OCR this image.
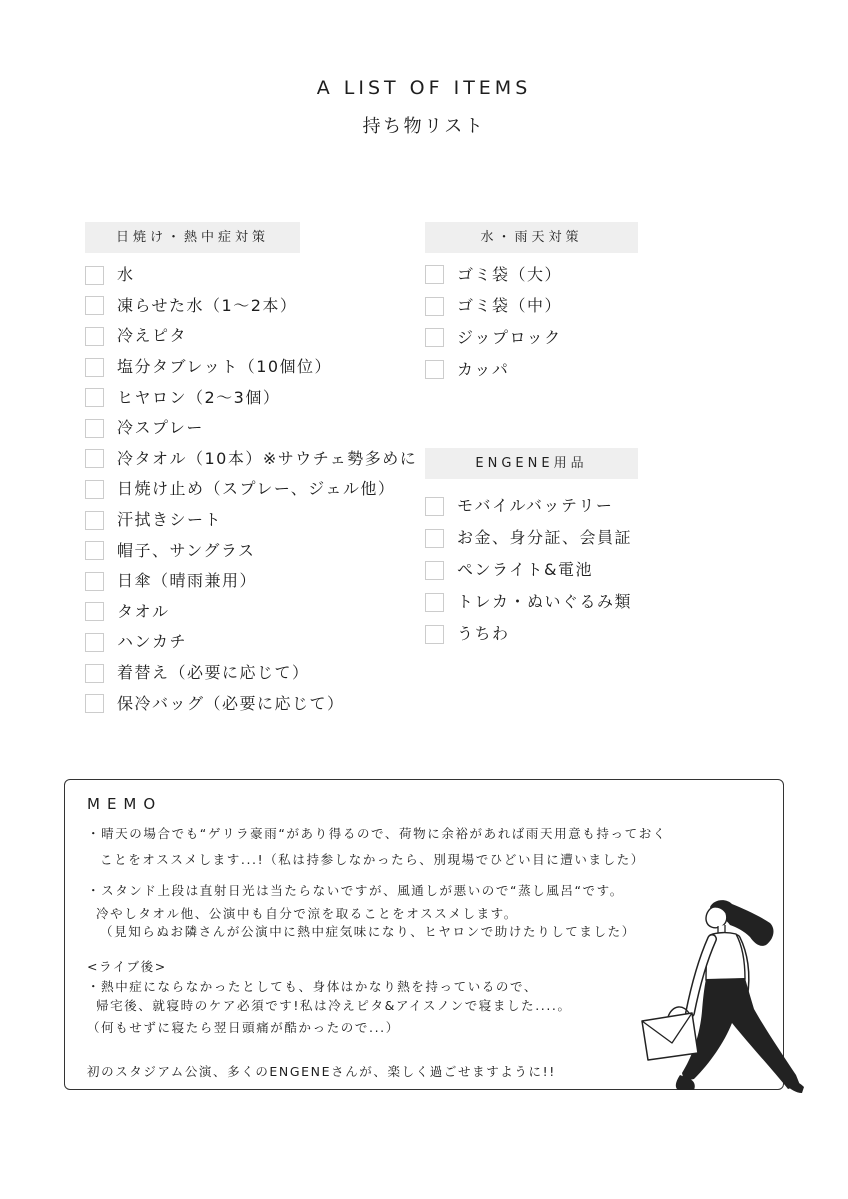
A LIST OF ITEMS
持ち物リスト
日焼け・熱中症対策
水
凍らせた水（1〜2本）
冷えピタ
塩分タブレット（10個位）
ヒヤロン（2〜3個）
冷スプレー
冷タオル（10本）※サウチェ勢多めに
日焼け止め（スプレー、ジェル他）
汗拭きシート
帽子、サングラス
日傘（晴雨兼用）
タオル
ハンカチ
着替え（必要に応じて）
保冷バッグ（必要に応じて）
水・雨天対策
ゴミ袋（大）
ゴミ袋（中）
ジップロック
カッパ
ENGENE用品
モバイルバッテリー
お金、身分証、会員証
ペンライト&電池
トレカ・ぬいぐるみ類
うちわ
MEMO
・晴天の場合でも“ゲリラ豪雨“があり得るので、荷物に余裕があれば雨天用意も持っておく
ことをオススメします...!（私は持参しなかったら、別現場でひどい目に遭いました）
・スタンド上段は直射日光は当たらないですが、風通しが悪いので“蒸し風呂“です。
冷やしタオル他、公演中も自分で涼を取ることをオススメします。
（見知らぬお隣さんが公演中に熱中症気味になり、ヒヤロンで助けたりしてました）
<ライブ後>
・熱中症にならなかったとしても、身体はかなり熱を持っているので、
帰宅後、就寝時のケア必須です!私は冷えピタ&アイスノンで寝ました....。
（何もせずに寝たら翌日頭痛が酷かったので...）
初のスタジアム公演、多くのENGENEさんが、楽しく過ごせますように!!
